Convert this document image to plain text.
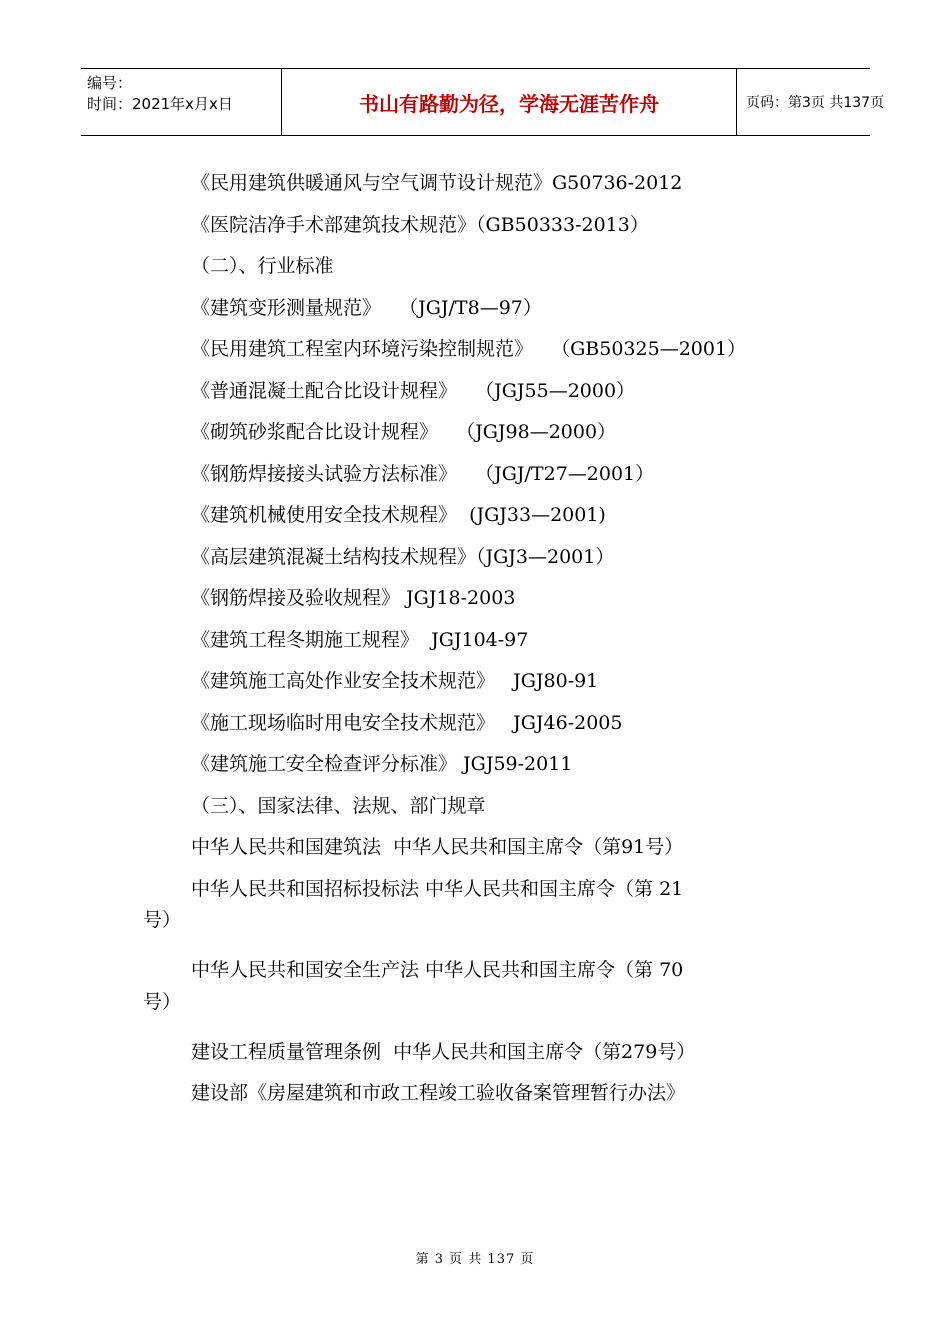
编号：
时间：2021年x月x日	书山有路勤为径，学海无涯苦作舟	页码：第3页 共137页
《民用建筑供暖通风与空气调节设计规范》G50736-2012
《医院洁净手术部建筑技术规范》（GB50333-2013）
（二）、行业标准
《建筑变形测量规范》   （JGJ/T8—97）
《民用建筑工程室内环境污染控制规范》   （GB50325—2001）
《普通混凝土配合比设计规程》   （JGJ55—2000）
《砌筑砂浆配合比设计规程》   （JGJ98—2000）
《钢筋焊接接头试验方法标准》   （JGJ/T27—2001）
《建筑机械使用安全技术规程》  (JGJ33—2001)
《高层建筑混凝土结构技术规程》（JGJ3—2001）
《钢筋焊接及验收规程》 JGJ18-2003
《建筑工程冬期施工规程》  JGJ104-97
《建筑施工高处作业安全技术规范》   JGJ80-91
《施工现场临时用电安全技术规范》   JGJ46-2005
《建筑施工安全检查评分标准》 JGJ59-2011
（三）、国家法律、法规、部门规章
中华人民共和国建筑法  中华人民共和国主席令（第91号）
中华人民共和国招标投标法 中华人民共和国主席令（第 21
号）
中华人民共和国安全生产法 中华人民共和国主席令（第 70
号）
建设工程质量管理条例  中华人民共和国主席令（第279号）
建设部《房屋建筑和市政工程竣工验收备案管理暂行办法》
第 3 页 共 137 页
